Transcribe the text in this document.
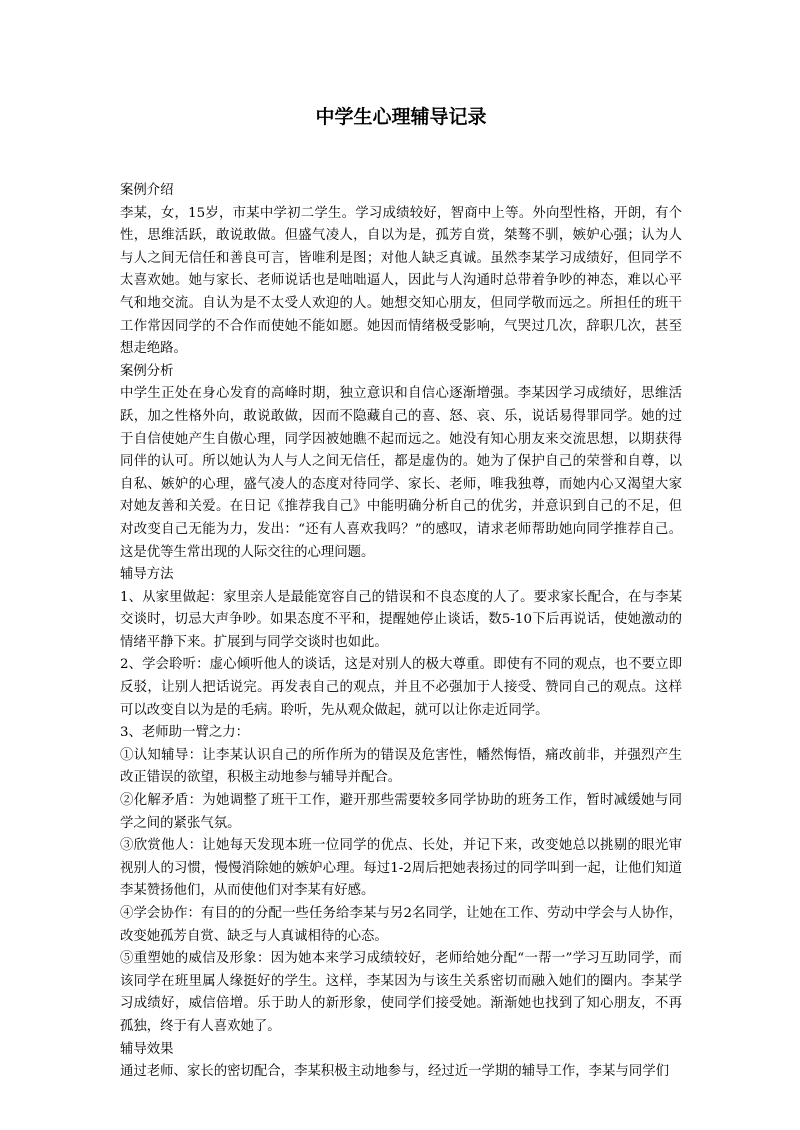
中学生心理辅导记录

案例介绍

李某，女，15岁，市某中学初二学生。学习成绩较好，智商中上等。外向型性格，开朗，有个性，思维活跃，敢说敢做。但盛气凌人，自以为是，孤芳自赏，桀骜不驯，嫉妒心强；认为人与人之间无信任和善良可言，皆唯利是图；对他人缺乏真诚。虽然李某学习成绩好，但同学不太喜欢她。她与家长、老师说话也是咄咄逼人，因此与人沟通时总带着争吵的神态，难以心平气和地交流。自认为是不太受人欢迎的人。她想交知心朋友，但同学敬而远之。所担任的班干工作常因同学的不合作而使她不能如愿。她因而情绪极受影响，气哭过几次，辞职几次，甚至想走绝路。

案例分析

中学生正处在身心发育的高峰时期，独立意识和自信心逐渐增强。李某因学习成绩好，思维活跃，加之性格外向，敢说敢做，因而不隐藏自己的喜、怒、哀、乐，说话易得罪同学。她的过于自信使她产生自傲心理，同学因被她瞧不起而远之。她没有知心朋友来交流思想，以期获得同伴的认可。所以她认为人与人之间无信任，都是虚伪的。她为了保护自己的荣誉和自尊，以自私、嫉妒的心理，盛气凌人的态度对待同学、家长、老师，唯我独尊，而她内心又渴望大家对她友善和关爱。在日记《推荐我自己》中能明确分析自己的优劣，并意识到自己的不足，但对改变自己无能为力，发出：“还有人喜欢我吗？”的感叹，请求老师帮助她向同学推荐自己。这是优等生常出现的人际交往的心理问题。

辅导方法

1、从家里做起：家里亲人是最能宽容自己的错误和不良态度的人了。要求家长配合，在与李某交谈时，切忌大声争吵。如果态度不平和，提醒她停止谈话，数5-10下后再说话，使她激动的情绪平静下来。扩展到与同学交谈时也如此。

2、学会聆听：虚心倾听他人的谈话，这是对别人的极大尊重。即使有不同的观点，也不要立即反驳，让别人把话说完。再发表自己的观点，并且不必强加于人接受、赞同自己的观点。这样可以改变自以为是的毛病。聆听，先从观众做起，就可以让你走近同学。

3、老师助一臂之力：

①认知辅导：让李某认识自己的所作所为的错误及危害性，幡然悔悟，痛改前非，并强烈产生改正错误的欲望，积极主动地参与辅导并配合。

②化解矛盾：为她调整了班干工作，避开那些需要较多同学协助的班务工作，暂时减缓她与同学之间的紧张气氛。

③欣赏他人：让她每天发现本班一位同学的优点、长处，并记下来，改变她总以挑剔的眼光审视别人的习惯，慢慢消除她的嫉妒心理。每过1-2周后把她表扬过的同学叫到一起，让他们知道李某赞扬他们，从而使他们对李某有好感。

④学会协作：有目的的分配一些任务给李某与另2名同学，让她在工作、劳动中学会与人协作，改变她孤芳自赏、缺乏与人真诚相待的心态。

⑤重塑她的威信及形象：因为她本来学习成绩较好，老师给她分配“一帮一”学习互助同学，而该同学在班里属人缘挺好的学生。这样，李某因为与该生关系密切而融入她们的圈内。李某学习成绩好，威信倍增。乐于助人的新形象，使同学们接受她。渐渐她也找到了知心朋友，不再孤独，终于有人喜欢她了。

辅导效果

通过老师、家长的密切配合，李某积极主动地参与，经过近一学期的辅导工作，李某与同学们
